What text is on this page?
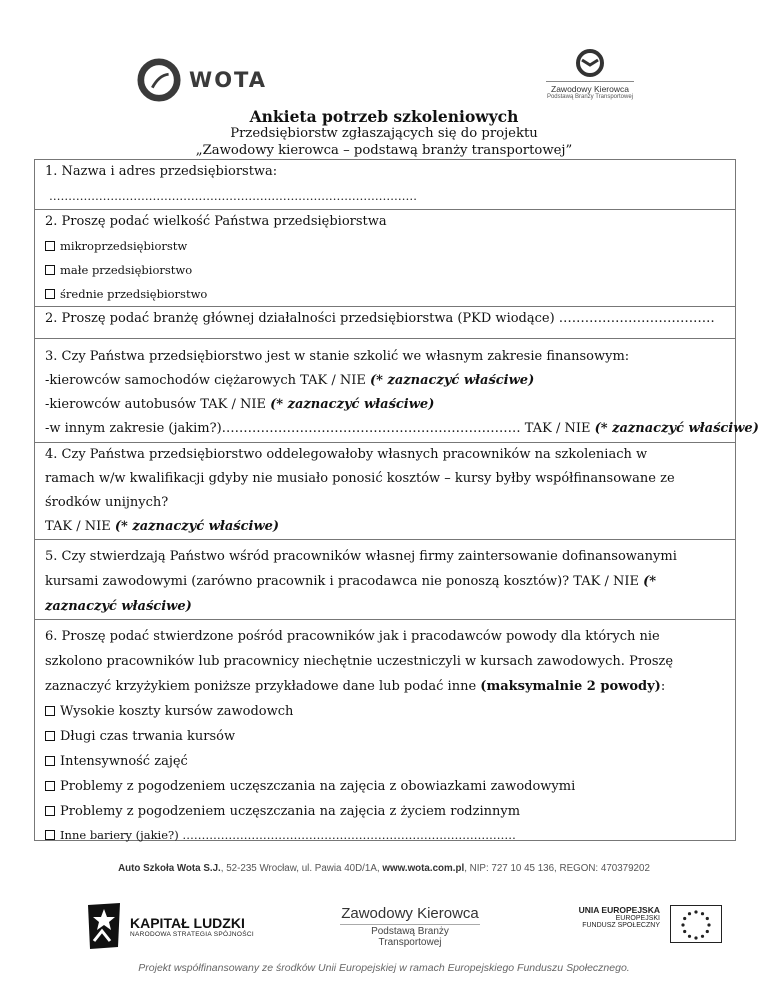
WOTA	Zawodowy Kierowca
Podstawą Branży Transportowej
Ankieta potrzeb szkoleniowych
Przedsiębiorstw zgłaszających się do projektu
„Zawodowy kierowca – podstawą branży transportowej”
1. Nazwa i adres przedsiębiorstwa:
……………………………………………………………………………………
2. Proszę podać wielkość Państwa przedsiębiorstwa
mikroprzedsiębiorstw
małe przedsiębiorstwo
średnie przedsiębiorstwo
2. Proszę podać branżę głównej działalności przedsiębiorstwa (PKD wiodące) ………………………………
3. Czy Państwa przedsiębiorstwo jest w stanie szkolić we własnym zakresie finansowym:
-kierowców samochodów ciężarowych TAK / NIE (* zaznaczyć właściwe)
-kierowców autobusów TAK / NIE (* zaznaczyć właściwe)
-w innym zakresie (jakim?)…………………………………………………………… TAK / NIE (* zaznaczyć właściwe)
4. Czy Państwa przedsiębiorstwo oddelegowałoby własnych pracowników na szkoleniach w
ramach w/w kwalifikacji gdyby nie musiało ponosić kosztów – kursy byłby współfinansowane ze
środków unijnych?
TAK / NIE (* zaznaczyć właściwe)
5. Czy stwierdzają Państwo wśród pracowników własnej firmy zaintersowanie dofinansowanymi
kursami zawodowymi (zarówno pracownik i pracodawca nie ponoszą kosztów)? TAK / NIE (*
zaznaczyć właściwe)
6. Proszę podać stwierdzone pośród pracowników jak i pracodawców powody dla których nie
szkolono pracowników lub pracownicy niechętnie uczestniczyli w kursach zawodowych. Proszę
zaznaczyć krzyżykiem poniższe przykładowe dane lub podać inne (maksymalnie 2 powody):
Wysokie koszty kursów zawodowch
Długi czas trwania kursów
Intensywność zajęć
Problemy z pogodzeniem uczęszczania na zajęcia z obowiazkami zawodowymi
Problemy z pogodzeniem uczęszczania na zajęcia z życiem rodzinnym
Inne bariery (jakie?) ……………………………………………………………………………
Auto Szkoła Wota S.J., 52-235 Wrocław, ul. Pawia 40D/1A, www.wota.com.pl, NIP: 727 10 45 136, REGON: 470379202
KAPITAŁ LUDZKI
NARODOWA STRATEGIA SPÓJNOŚCI
Zawodowy Kierowca
Podstawą Branży Transportowej
UNIA EUROPEJSKA
EUROPEJSKI
FUNDUSZ SPOŁECZNY
Projekt współfinansowany ze środków Unii Europejskiej w ramach Europejskiego Funduszu Społecznego.
